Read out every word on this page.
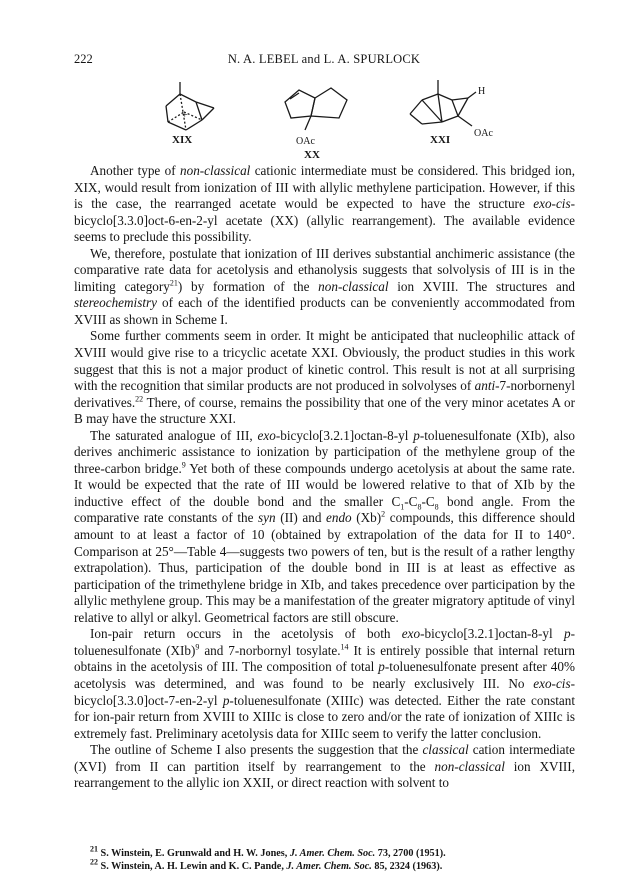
222	N. A. LEBEL and L. A. SPURLOCK
+
XIX	OAc
XX
H
XXI
OAc

Another type of non-classical cationic intermediate must be considered. This bridged ion, XIX, would result from ionization of III with allylic methylene participation. However, if this is the case, the rearranged acetate would be expected to have the structure exo-cis-bicyclo[3.3.0]oct-6-en-2-yl acetate (XX) (allylic rearrangement). The available evidence seems to preclude this possibility.

We, therefore, postulate that ionization of III derives substantial anchimeric assistance (the comparative rate data for acetolysis and ethanolysis suggests that solvolysis of III is in the limiting category$^{21}$) by formation of the non-classical ion XVIII. The structures and stereochemistry of each of the identified products can be conveniently accommodated from XVIII as shown in Scheme I.

Some further comments seem in order. It might be anticipated that nucleophilic attack of XVIII would give rise to a tricyclic acetate XXI. Obviously, the product studies in this work suggest that this is not a major product of kinetic control. This result is not at all surprising with the recognition that similar products are not produced in solvolyses of anti-7-norbornenyl derivatives.$^{22}$ There, of course, remains the possibility that one of the very minor acetates A or B may have the structure XXI.

The saturated analogue of III, exo-bicyclo[3.2.1]octan-8-yl p-toluenesulfonate (XIb), also derives anchimeric assistance to ionization by participation of the methylene group of the three-carbon bridge.$^9$ Yet both of these compounds undergo acetolysis at about the same rate. It would be expected that the rate of III would be lowered relative to that of XIb by the inductive effect of the double bond and the smaller $C_1-C_8-C_8$ bond angle. From the comparative rate constants of the syn (II) and endo $(Xb)^2$ compounds, this difference should amount to at least a factor of 10 (obtained by extrapolation of the data for II to 140°. Comparison at 25°—Table 4—suggests two powers of ten, but is the result of a rather lengthy extrapolation). Thus, participation of the double bond in III is at least as effective as participation of the trimethylene bridge in XIb, and takes precedence over participation by the allylic methylene group. This may be a manifestation of the greater migratory aptitude of vinyl relative to allyl or alkyl. Geometrical factors are still obscure.

Ion-pair return occurs in the acetolysis of both exo-bicyclo[3.2.1]octan-8-yl p-toluenesulfonate (XIb)$^9$ and 7-norbornyl tosylate.$^{14}$ It is entirely possible that internal return obtains in the acetolysis of III. The composition of total p-toluenesulfonate present after 40% acetolysis was determined, and was found to be nearly exclusively III. No exo-cis-bicyclo[3.3.0]oct-7-en-2-yl p-toluenesulfonate (XIIIc) was detected. Either the rate constant for ion-pair return from XVIII to XIIIc is close to zero and/or the rate of ionization of XIIIc is extremely fast. Preliminary acetolysis data for XIIIc seem to verify the latter conclusion.

The outline of Scheme I also presents the suggestion that the classical cation intermediate (XVI) from II can partition itself by rearrangement to the non-classical ion XVIII, rearrangement to the allylic ion XXII, or direct reaction with solvent to

$^{21}$ S. Winstein, E. Grunwald and H. W. Jones, J. Amer. Chem. Soc. 73, 2700 (1951).

$^{22}$ S. Winstein, A. H. Lewin and K. C. Pande, J. Amer. Chem. Soc. 85, 2324 (1963).
